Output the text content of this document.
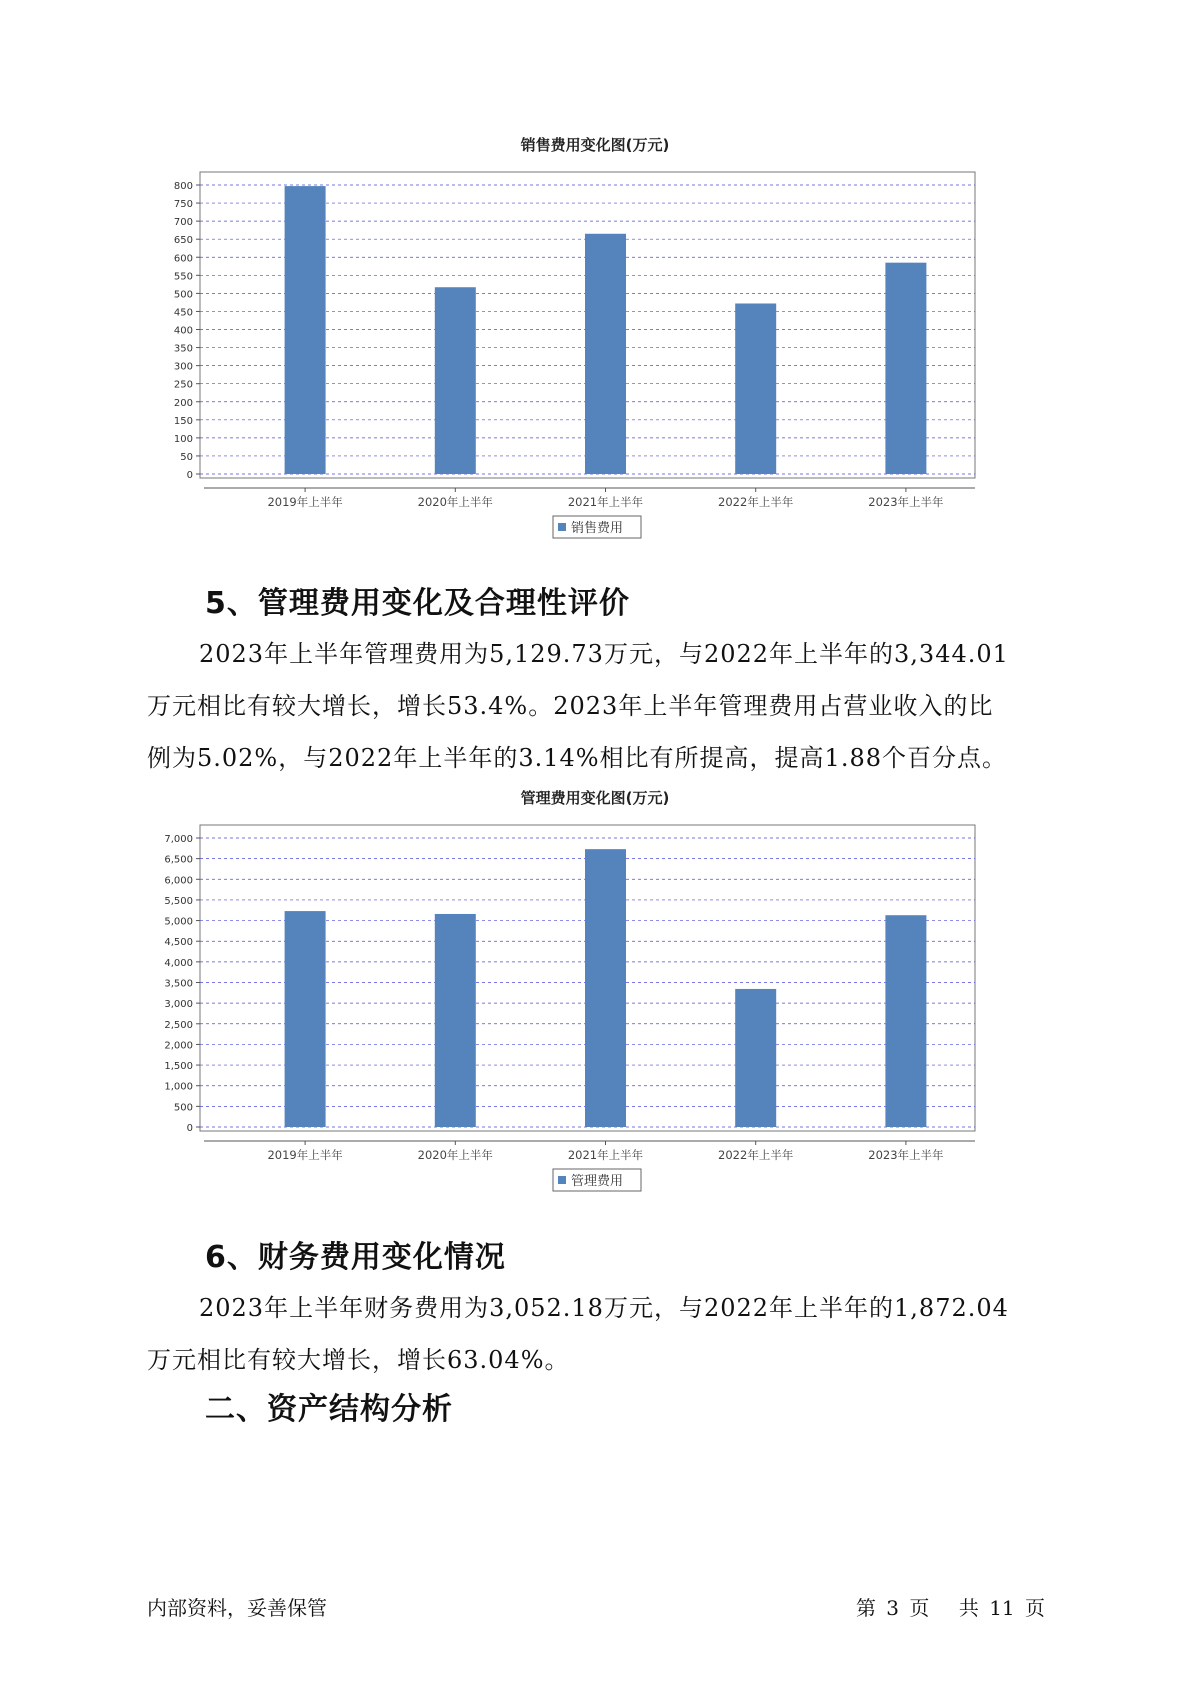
销售费用变化图(万元)
0
50
100
150
200
250
300
350
400
450
500
550
600
650
700
750
800
2019年上半年	2020年上半年	2021年上半年	2022年上半年	2023年上半年
销售费用
5、管理费用变化及合理性评价
2023年上半年管理费用为5,129.73万元，与2022年上半年的3,344.01
万元相比有较大增长，增长53.4%。2023年上半年管理费用占营业收入的比
例为5.02%，与2022年上半年的3.14%相比有所提高，提高1.88个百分点。
管理费用变化图(万元)
0
500
1,000
1,500
2,000
2,500
3,000
3,500
4,000
4,500
5,000
5,500
6,000
6,500
7,000
2019年上半年	2020年上半年	2021年上半年	2022年上半年	2023年上半年
管理费用
6、财务费用变化情况
2023年上半年财务费用为3,052.18万元，与2022年上半年的1,872.04
万元相比有较大增长，增长63.04%。
二、资产结构分析
内部资料，妥善保管	第 3 页 共 11 页
